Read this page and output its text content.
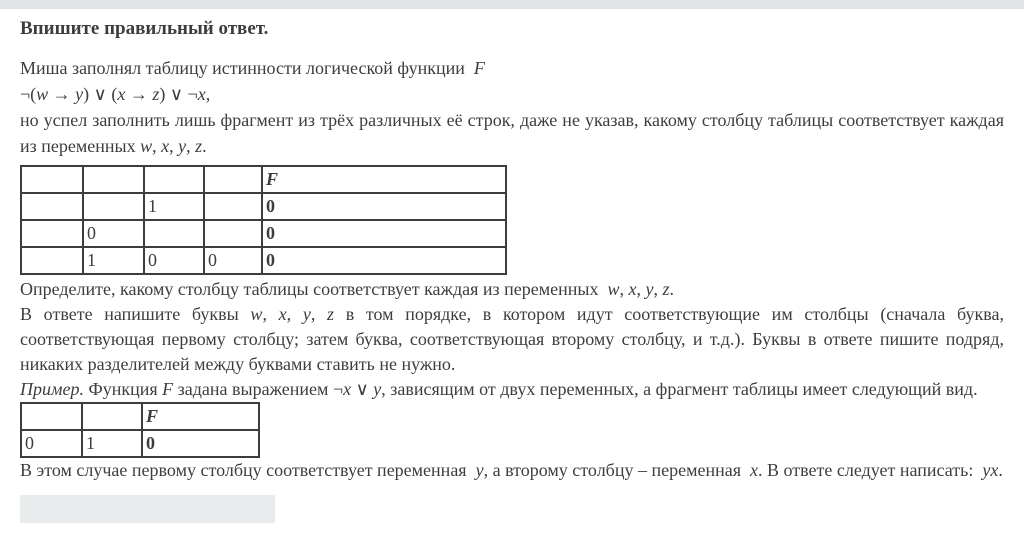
Впишите правильный ответ.
Миша заполнял таблицу истинности логической функции  F
¬(w → y) ∨ (x → z) ∨ ¬x,
но успел заполнить лишь фрагмент из трёх различных её строк, даже не указав, какому столбцу таблицы соответствует каждая из переменных w, x, y, z.
				F
		1		0
	0			0
	1	0	0	0
Определите, какому столбцу таблицы соответствует каждая из переменных  w, x, y, z.
В ответе напишите буквы w, x, y, z в том порядке, в котором идут соответствующие им столбцы (сначала буква, соответствующая первому столбцу; затем буква, соответствующая второму столбцу, и т.д.). Буквы в ответе пишите подряд, никаких разделителей между буквами ставить не нужно.
Пример. Функция F задана выражением ¬x ∨ y, зависящим от двух переменных, а фрагмент таблицы имеет следующий вид.
		F
0	1	0
В этом случае первому столбцу соответствует переменная  y, а второму столбцу – переменная  x. В ответе следует написать:  yx.
